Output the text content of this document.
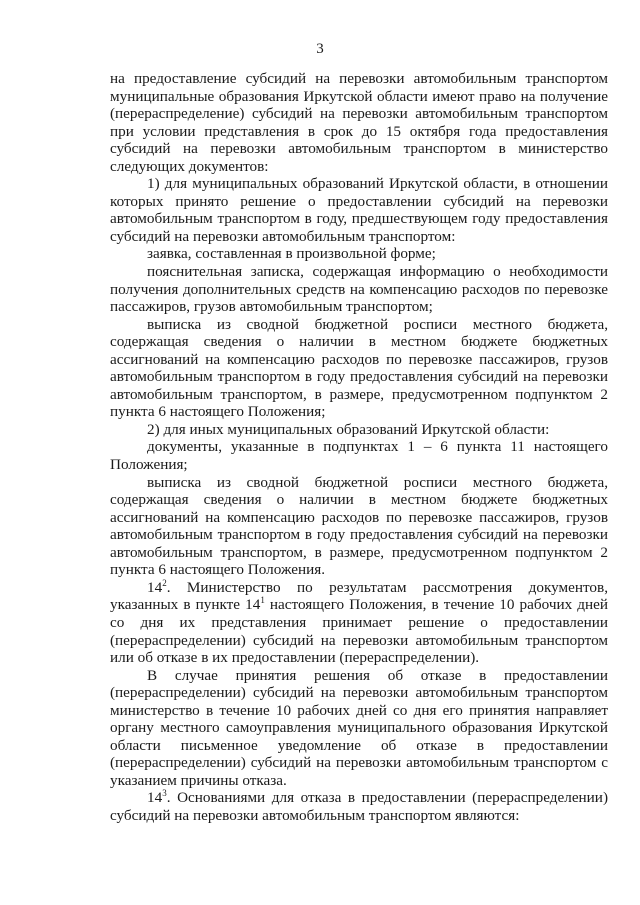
3

на предоставление субсидий на перевозки автомобильным транспортом муниципальные образования Иркутской области имеют право на получение (перераспределение) субсидий на перевозки автомобильным транспортом при условии представления в срок до 15 октября года предоставления субсидий на перевозки автомобильным транспортом в министерство следующих документов:

1) для муниципальных образований Иркутской области, в отношении которых принято решение о предоставлении субсидий на перевозки автомобильным транспортом в году, предшествующем году предоставления субсидий на перевозки автомобильным транспортом:

заявка, составленная в произвольной форме;

пояснительная записка, содержащая информацию о необходимости получения дополнительных средств на компенсацию расходов по перевозке пассажиров, грузов автомобильным транспортом;

выписка из сводной бюджетной росписи местного бюджета, содержащая сведения о наличии в местном бюджете бюджетных ассигнований на компенсацию расходов по перевозке пассажиров, грузов автомобильным транспортом в году предоставления субсидий на перевозки автомобильным транспортом, в размере, предусмотренном подпунктом 2 пункта 6 настоящего Положения;

2) для иных муниципальных образований Иркутской области:

документы, указанные в подпунктах 1 – 6 пункта 11 настоящего Положения;

выписка из сводной бюджетной росписи местного бюджета, содержащая сведения о наличии в местном бюджете бюджетных ассигнований на компенсацию расходов по перевозке пассажиров, грузов автомобильным транспортом в году предоставления субсидий на перевозки автомобильным транспортом, в размере, предусмотренном подпунктом 2 пункта 6 настоящего Положения.

$14^2$. Министерство по результатам рассмотрения документов, указанных в пункте $14^1$ настоящего Положения, в течение 10 рабочих дней со дня их представления принимает решение о предоставлении (перераспределении) субсидий на перевозки автомобильным транспортом или об отказе в их предоставлении (перераспределении).

В случае принятия решения об отказе в предоставлении (перераспределении) субсидий на перевозки автомобильным транспортом министерство в течение 10 рабочих дней со дня его принятия направляет органу местного самоуправления муниципального образования Иркутской области письменное уведомление об отказе в предоставлении (перераспределении) субсидий на перевозки автомобильным транспортом с указанием причины отказа.

$14^3$. Основаниями для отказа в предоставлении (перераспределении) субсидий на перевозки автомобильным транспортом являются:
